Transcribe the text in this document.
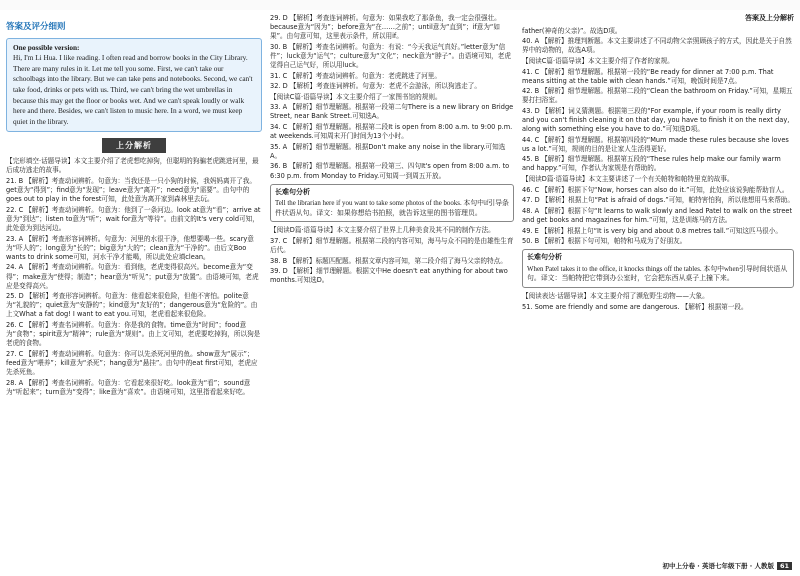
答案及评分细则
One possible version:
Hi, I'm Li Hua. I like reading. I often read and borrow books in the City Library. There are many rules in it. Let me tell you some. First, we can't take our schoolbags into the library. But we can take pens and notebooks. Second, we can't take food, drinks or pets with us. Third, we can't bring the wet umbrellas in because this may get the floor or books wet. And we can't speak loudly or walk here and there. Besides, we can't listen to music here. In a word, we must keep quiet in the library.
上分解析

【完形填空·话题导读】本文主要介绍了老虎想吃掉狗，但聪明的狗骗老虎跳进河里，最后成功逃走的故事。

21. B 【解析】考查动词辨析。句意为：当我还是一只小狗的时候，我妈妈离开了我。get意为“得到”；find意为“发现”；leave意为“离开”；need意为“需要”。由句中的goes out to play in the forest可知，此处意为离开家到森林里去玩。

22. C 【解析】考查动词辨析。句意为：他到了一条河边。look at意为“看”；arrive at意为“到达”；listen to意为“听”；wait for意为“等待”。由前文的It's very cold可知，此处意为到达河边。

23. A 【解析】考查形容词辨析。句意为：河里的水很干净，他想要喝一些。scary意为“吓人的”；long意为“长的”；big意为“大的”；clean意为“干净的”。由后文Boo wants to drink some可知，河水干净才能喝，所以此处应填clean。

24. A 【解析】考查动词辨析。句意为：看到他，老虎变得很高兴。become意为“变得”；make意为“使得；制造”；hear意为“听见”；put意为“放置”。由语境可知，老虎应是变得高兴。

25. D 【解析】考查形容词辨析。句意为：他看起来很危险，但他不害怕。polite意为“礼貌的”；quiet意为“安静的”；kind意为“友好的”；dangerous意为“危险的”。由上文What a fat dog! I want to eat you.可知，老虎看起来很危险。

26. C 【解析】考查名词辨析。句意为：你是我的食物。time意为“时间”；food意为“食物”；spirit意为“精神”；rule意为“规则”。由上文可知，老虎要吃掉狗，所以狗是老虎的食物。

27. C 【解析】考查动词辨析。句意为：你可以先杀死河里的鱼。show意为“展示”；feed意为“喂养”；kill意为“杀死”；hang意为“悬挂”。由句中的eat first可知，老虎应先杀死鱼。

28. A 【解析】考查名词辨析。句意为：它看起来很好吃。look意为“看”；sound意为“听起来”；turn意为“变得”；like意为“喜欢”。由语境可知，这里指看起来好吃。

29. D 【解析】考查连词辨析。句意为：如果我吃了那条鱼，我一定会很强壮。because意为“因为”；before意为“在……之前”；until意为“直到”；if意为“如果”。由句意可知，这里表示条件，所以用if。

30. B 【解析】考查名词辨析。句意为：有说：“今天我运气真好。”letter意为“信件”；luck意为“运气”；culture意为“文化”；neck意为“脖子”。由语境可知，老虎觉得自己运气好，所以用luck。

31. C 【解析】考查动词辨析。句意为：老虎跳进了河里。

32. D 【解析】考查连词辨析。句意为：老虎不会游泳，所以狗逃走了。

【阅读C篇·语篇导读】本文主要介绍了一家图书馆的规则。

33. A 【解析】细节理解题。根据第一段第二句There is a new library on Bridge Street, near Bank Street.可知选A。

34. C 【解析】细节理解题。根据第二段It is open from 8:00 a.m. to 9:00 p.m. at weekends.可知周末开门时间为13个小时。

35. A 【解析】细节理解题。根据Don't make any noise in the library.可知选A。

36. B 【解析】细节理解题。根据第一段第三、四句It's open from 8:00 a.m. to 6:30 p.m. from Monday to Friday.可知周一到周五开放。

长难句分析
Tell the librarian here if you want to take some photos of the books. 本句中if引导条件状语从句。译文：如果你想给书拍照，就告诉这里的图书管理员。

【阅读D篇·语篇导读】本文主要介绍了世界上几种美食及其不同的制作方法。

37. C 【解析】细节理解题。根据第二段的内容可知，海马与众不同的是由雄性生育后代。

38. B 【解析】标题匹配题。根据文章内容可知，第二段介绍了海马父亲的特点。

39. D 【解析】细节理解题。根据文中He doesn't eat anything for about two months.可知选D。

答案及上分解析

father(神奇的父亲)”。故选D项。

40. A 【解析】推理判断题。本文主要讲述了不同动物父亲照顾孩子的方式，因此是关于自然界中的动物的，故选A项。

【阅读C篇·语篇导读】本文主要介绍了作者的家规。

41. C 【解析】细节理解题。根据第一段的“Be ready for dinner at 7:00 p.m. That means sitting at the table with clean hands.”可知，晚饭时间是7点。

42. B 【解析】细节理解题。根据第二段的“Clean the bathroom on Friday.”可知，星期五要打扫浴室。

43. D 【解析】词义猜测题。根据第三段的“For example, if your room is really dirty and you can't finish cleaning it on that day, you have to finish it on the next day, along with something else you have to do.”可知选D项。

44. C 【解析】细节理解题。根据第四段的“Mum made these rules because she loves us a lot.”可知，规则的目的是让家人生活得更好。

45. B 【解析】细节理解题。根据第五段的“These rules help make our family warm and happy.”可知，作者认为家规是有帮助的。

【阅读D篇·语篇导读】本文主要讲述了一个有关帕特和帕特里克的故事。

46. C 【解析】根据下句“Now, horses can also do it.”可知，此处应该说狗能帮助盲人。

47. D 【解析】根据上句“Pat is afraid of dogs.”可知，帕特害怕狗，所以他想用马来帮助。

48. A 【解析】根据下句“It learns to walk slowly and lead Patel to walk on the street and get books and magazines for him.”可知，这是训练马的方法。

49. E 【解析】根据上句“It is very big and about 0.8 metres tall.”可知这匹马很小。

50. B 【解析】根据下句可知，帕特和马成为了好朋友。

长难句分析
When Patel takes it to the office, it knocks things off the tables. 本句中when引导时间状语从句。译文：当帕特把它带到办公室时，它会把东西从桌子上撞下来。

【阅读表达·话题导读】本文主要介绍了濒危野生动物——大象。

51. Some are friendly and some are dangerous. 【解析】根据第一段。

初中上分卷 · 英语七年级下册 · 人教版 61
